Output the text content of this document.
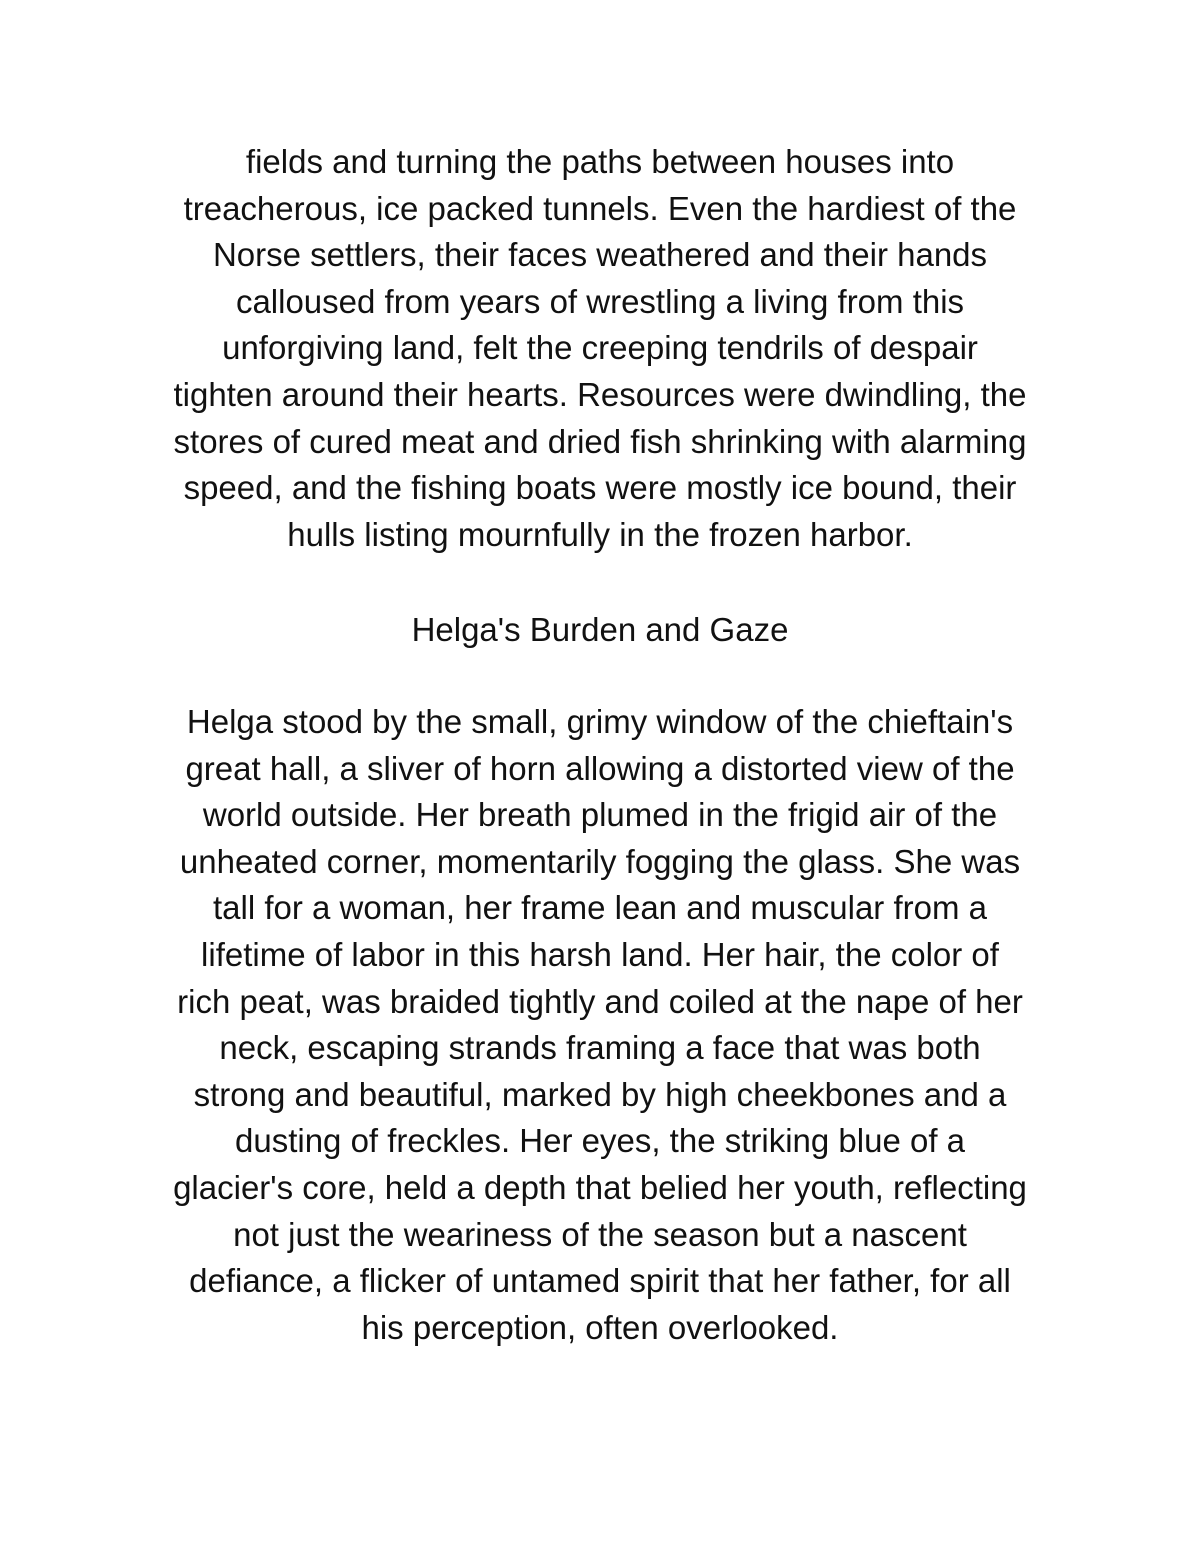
fields and turning the paths between houses into
treacherous, ice packed tunnels. Even the hardiest of the
Norse settlers, their faces weathered and their hands
calloused from years of wrestling a living from this
unforgiving land, felt the creeping tendrils of despair
tighten around their hearts. Resources were dwindling, the
stores of cured meat and dried fish shrinking with alarming
speed, and the fishing boats were mostly ice bound, their
hulls listing mournfully in the frozen harbor.
Helga's Burden and Gaze
Helga stood by the small, grimy window of the chieftain's
great hall, a sliver of horn allowing a distorted view of the
world outside. Her breath plumed in the frigid air of the
unheated corner, momentarily fogging the glass. She was
tall for a woman, her frame lean and muscular from a
lifetime of labor in this harsh land. Her hair, the color of
rich peat, was braided tightly and coiled at the nape of her
neck, escaping strands framing a face that was both
strong and beautiful, marked by high cheekbones and a
dusting of freckles. Her eyes, the striking blue of a
glacier's core, held a depth that belied her youth, reflecting
not just the weariness of the season but a nascent
defiance, a flicker of untamed spirit that her father, for all
his perception, often overlooked.
